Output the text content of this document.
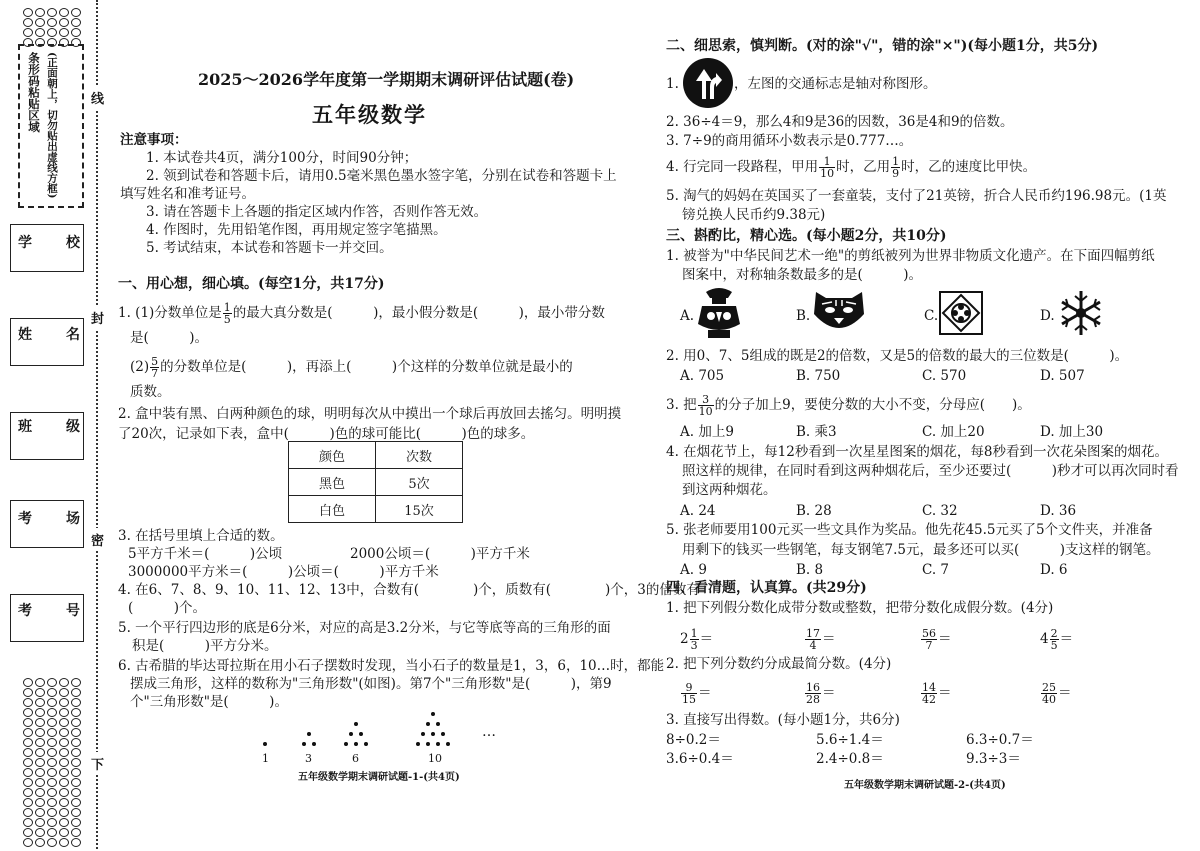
条形码粘贴区域 (正面朝上，切勿贴出虚线方框)
学校
姓名
班级
考场
考号
线
封
密
下
2025～2026学年度第一学期期末调研评估试题(卷)
五年级数学
注意事项：
1. 本试卷共4页，满分100分，时间90分钟；
2. 领到试卷和答题卡后，请用0.5毫米黑色墨水签字笔，分别在试卷和答题卡上
填写姓名和准考证号。
3. 请在答题卡上各题的指定区域内作答，否则作答无效。
4. 作图时，先用铅笔作图，再用规定签字笔描黑。
5. 考试结束，本试卷和答题卡一并交回。
一、用心想，细心填。(每空1分，共17分)
1. (1)分数单位是 $\frac{1}{5}$ 的最大真分数是(　　　)，最小假分数是(　　　)，最小带分数
是(　　　)。
$(2) \frac{5}{7}$ 的分数单位是(　　　)，再添上(　　　)个这样的分数单位就是最小的
质数。
2. 盒中装有黑、白两种颜色的球，明明每次从中摸出一个球后再放回去搖匀。明明摸
了20次，记录如下表，盒中(　　　)色的球可能比(　　　)色的球多。
颜色	次数
黑色	5次
白色	15次
3. 在括号里填上合适的数。
5平方千米＝(　　　)公顷	2000公顷＝(　　　)平方千米
3000000平方米＝(　　　)公顷＝(　　　)平方千米
4. 在6、7、8、9、10、11、12、13中，合数有(　　　　)个，质数有(　　　　)个，3的倍数有
(　　　)个。
5. 一个平行四边形的底是6分米，对应的高是3.2分米，与它等底等高的三角形的面
积是(　　　)平方分米。
6. 古希腊的毕达哥拉斯在用小石子摆数时发现，当小石子的数量是1，3，6，10…时，都能
摆成三角形，这样的数称为"三角形数"(如图)。第7个"三角形数"是(　　　)，第9
个"三角形数"是(　　　)。
1	3	6	10
…
五年级数学期末调研试题-1-(共4页)
二、细思索，慎判断。(对的涂"√"，错的涂"×")(每小题1分，共5分)
1.	，左图的交通标志是轴对称图形。
2. 36÷4＝9，那么4和9是36的因数，36是4和9的倍数。
3. 7÷9的商用循环小数表示是0.777…。
4. 行完同一段路程，甲用 $\frac{1}{10}$ 时，乙用 $\frac{1}{9}$ 时，乙的速度比甲快。
5. 淘气的妈妈在英国买了一套童装，支付了21英镑，折合人民币约196.98元。(1英
镑兑换人民币约9.38元)
三、斟酌比，精心选。(每小题2分，共10分)
1. 被誉为"中华民间艺术一绝"的剪纸被列为世界非物质文化遗产。在下面四幅剪纸
图案中，对称轴条数最多的是(　　　)。
A.	B.	C.	D.
2. 用0、7、5组成的既是2的倍数，又是5的倍数的最大的三位数是(　　　)。
A. 705	B. 750	C. 570	D. 507
3. 把 $\frac{3}{10}$ 的分子加上9，要使分数的大小不变，分母应(　　)。
A. 加上9	B. 乘3	C. 加上20	D. 加上30
4. 在烟花节上，每12秒看到一次星星图案的烟花，每8秒看到一次花朵图案的烟花。
照这样的规律，在同时看到这两种烟花后，至少还要过(　　　)秒才可以再次同时看
到这两种烟花。
A. 24	B. 28	C. 32	D. 36
5. 张老师要用100元买一些文具作为奖品。他先花45.5元买了5个文件夹，并准备
用剩下的钱买一些钢笔，每支钢笔7.5元，最多还可以买(　　　)支这样的钢笔。
A. 9	B. 8	C. 7	D. 6
四、看清题，认真算。(共29分)
1. 把下列假分数化成带分数或整数，把带分数化成假分数。(4分)
$2 \frac{1}{3}$ ＝	$\frac{17}{4}$ ＝	$\frac{56}{7}$ ＝	$4 \frac{2}{5}$ ＝
2. 把下列分数约分成最简分数。(4分)
$\frac{9}{15}$ ＝	$\frac{16}{28}$ ＝	$\frac{14}{42}$ ＝	$\frac{25}{40}$ ＝
3. 直接写出得数。(每小题1分，共6分)
8÷0.2＝	5.6÷1.4＝	6.3÷0.7＝
3.6÷0.4＝	2.4÷0.8＝	9.3÷3＝
五年级数学期末调研试题-2-(共4页)
